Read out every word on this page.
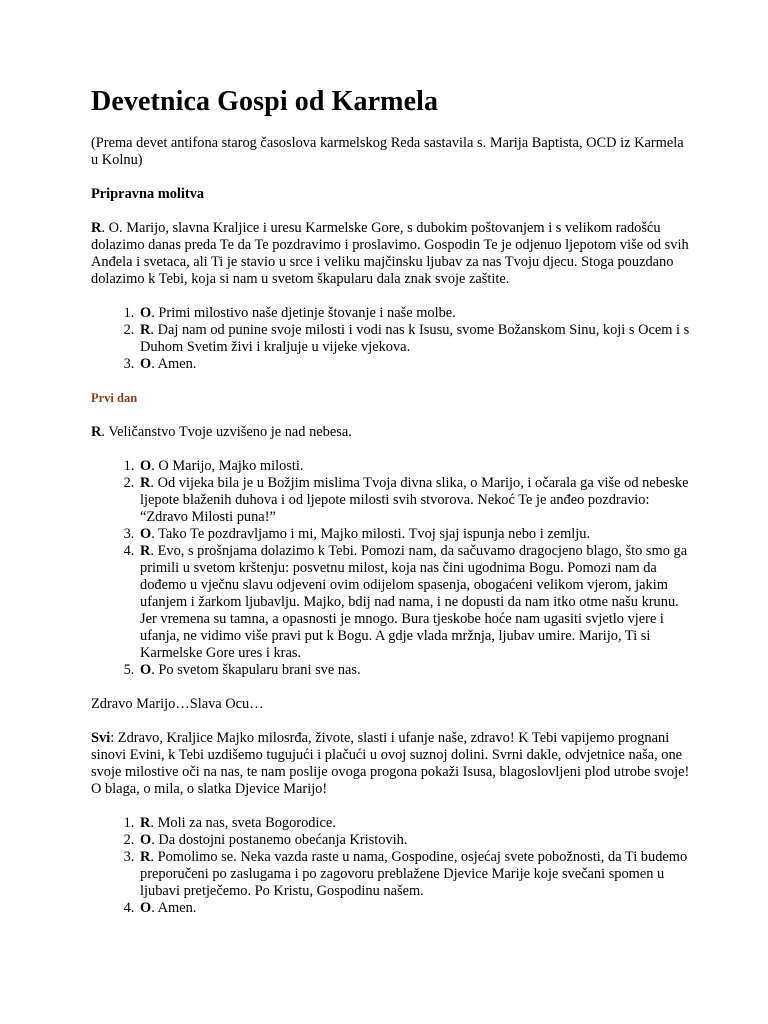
Devetnica Gospi od Karmela

(Prema devet antifona starog časoslova karmelskog Reda sastavila s. Marija Baptista, OCD iz Karmela u Kolnu)

Pripravna molitva

R. O. Marijo, slavna Kraljice i uresu Karmelske Gore, s dubokim poštovanjem i s velikom radošću dolazimo danas preda Te da Te pozdravimo i proslavimo. Gospodin Te je odjenuo ljepotom više od svih Anđela i svetaca, ali Ti je stavio u srce i veliku majčinsku ljubav za nas Tvoju djecu. Stoga pouzdano dolazimo k Tebi, koja si nam u svetom škapularu dala znak svoje zaštite.

1. O. Primi milostivo naše djetinje štovanje i naše molbe.
2. R. Daj nam od punine svoje milosti i vodi nas k Isusu, svome Božanskom Sinu, koji s Ocem i s Duhom Svetim živi i kraljuje u vijeke vjekova.
3. O. Amen.

Prvi dan

R. Veličanstvo Tvoje uzvišeno je nad nebesa.

1. O. O Marijo, Majko milosti.
2. R. Od vijeka bila je u Božjim mislima Tvoja divna slika, o Marijo, i očarala ga više od nebeske ljepote blaženih duhova i od ljepote milosti svih stvorova. Nekoć Te je anđeo pozdravio: “Zdravo Milosti puna!”
3. O. Tako Te pozdravljamo i mi, Majko milosti. Tvoj sjaj ispunja nebo i zemlju.
4. R. Evo, s prošnjama dolazimo k Tebi. Pomozi nam, da sačuvamo dragocjeno blago, što smo ga primili u svetom krštenju: posvetnu milost, koja nas čini ugodnima Bogu. Pomozi nam da dođemo u vječnu slavu odjeveni ovim odijelom spasenja, obogaćeni velikom vjerom, jakim ufanjem i žarkom ljubavlju. Majko, bdij nad nama, i ne dopusti da nam itko otme našu krunu. Jer vremena su tamna, a opasnosti je mnogo. Bura tjeskobe hoće nam ugasiti svjetlo vjere i ufanja, ne vidimo više pravi put k Bogu. A gdje vlada mržnja, ljubav umire. Marijo, Ti si Karmelske Gore ures i kras.
5. O. Po svetom škapularu brani sve nas.

Zdravo Marijo…Slava Ocu…

Svi: Zdravo, Kraljice Majko milosrđa, živote, slasti i ufanje naše, zdravo! K Tebi vapijemo prognani sinovi Evini, k Tebi uzdišemo tugujući i plačući u ovoj suznoj dolini. Svrni dakle, odvjetnice naša, one svoje milostive oči na nas, te nam poslije ovoga progona pokaži Isusa, blagoslovljeni plod utrobe svoje! O blaga, o mila, o slatka Djevice Marijo!

1. R. Moli za nas, sveta Bogorodice.
2. O. Da dostojni postanemo obećanja Kristovih.
3. R. Pomolimo se. Neka vazda raste u nama, Gospodine, osjećaj svete pobožnosti, da Ti budemo preporučeni po zaslugama i po zagovoru preblažene Djevice Marije koje svečani spomen u ljubavi pretječemo. Po Kristu, Gospodinu našem.
4. O. Amen.
